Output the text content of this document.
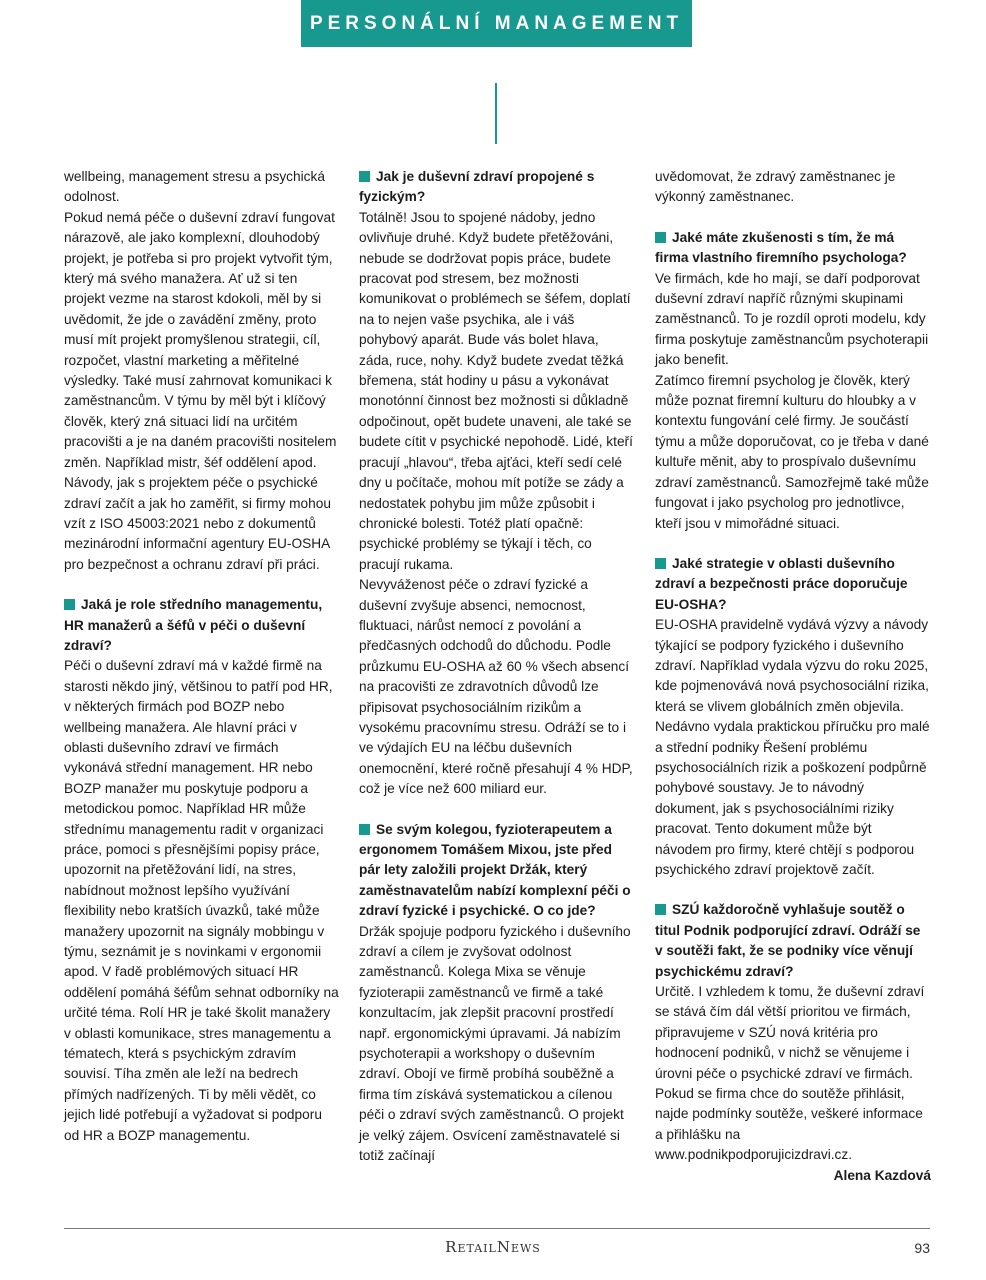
PERSONÁLNÍ MANAGEMENT

wellbeing, management stresu a psychická odolnost.

Pokud nemá péče o duševní zdraví fungovat nárazově, ale jako komplexní, dlouhodobý projekt, je potřeba si pro projekt vytvořit tým, který má svého manažera. Ať už si ten projekt vezme na starost kdokoli, měl by si uvědomit, že jde o zavádění změny, proto musí mít projekt promyšlenou strategii, cíl, rozpočet, vlastní marketing a měřitelné výsledky. Také musí zahrnovat komunikaci k zaměstnancům. V týmu by měl být i klíčový člověk, který zná situaci lidí na určitém pracovišti a je na daném pracovišti nositelem změn. Například mistr, šéf oddělení apod.

Návody, jak s projektem péče o psychické zdraví začít a jak ho zaměřit, si firmy mohou vzít z ISO 45003:2021 nebo z dokumentů mezinárodní informační agentury EU-OSHA pro bezpečnost a ochranu zdraví při práci.

Jaká je role středního managementu, HR manažerů a šéfů v péči o duševní zdraví?

Péči o duševní zdraví má v každé firmě na starosti někdo jiný, většinou to patří pod HR, v některých firmách pod BOZP nebo wellbeing manažera. Ale hlavní práci v oblasti duševního zdraví ve firmách vykonává střední management. HR nebo BOZP manažer mu poskytuje podporu a metodickou pomoc. Například HR může střednímu managementu radit v organizaci práce, pomoci s přesnějšími popisy práce, upozornit na přetěžování lidí, na stres, nabídnout možnost lepšího využívání flexibility nebo kratších úvazků, také může manažery upozornit na signály mobbingu v týmu, seznámit je s novinkami v ergonomii apod. V řadě problémových situací HR oddělení pomáhá šéfům sehnat odborníky na určité téma. Rolí HR je také školit manažery v oblasti komunikace, stres managementu a tématech, která s psychickým zdravím souvisí. Tíha změn ale leží na bedrech přímých nadřízených. Ti by měli vědět, co jejich lidé potřebují a vyžadovat si podporu od HR a BOZP managementu.

Jak je duševní zdraví propojené s fyzickým?

Totálně! Jsou to spojené nádoby, jedno ovlivňuje druhé. Když budete přetěžováni, nebude se dodržovat popis práce, budete pracovat pod stresem, bez možnosti komunikovat o problémech se šéfem, doplatí na to nejen vaše psychika, ale i váš pohybový aparát. Bude vás bolet hlava, záda, ruce, nohy. Když budete zvedat těžká břemena, stát hodiny u pásu a vykonávat monotónní činnost bez možnosti si důkladně odpočinout, opět budete unaveni, ale také se budete cítit v psychické nepohodě. Lidé, kteří pracují „hlavou“, třeba ajťáci, kteří sedí celé dny u počítače, mohou mít potíže se zády a nedostatek pohybu jim může způsobit i chronické bolesti. Totéž platí opačně: psychické problémy se týkají i těch, co pracují rukama.

Nevyváženost péče o zdraví fyzické a duševní zvyšuje absenci, nemocnost, fluktuaci, nárůst nemocí z povolání a předčasných odchodů do důchodu. Podle průzkumu EU-OSHA až 60 % všech absencí na pracovišti ze zdravotních důvodů lze připisovat psychosociálním rizikům a vysokému pracovnímu stresu. Odráží se to i ve výdajích EU na léčbu duševních onemocnění, které ročně přesahují 4 % HDP, což je více než 600 miliard eur.

Se svým kolegou, fyzioterapeutem a ergonomem Tomášem Mixou, jste před pár lety založili projekt Držák, který zaměstnavatelům nabízí komplexní péči o zdraví fyzické i psychické. O co jde?

Držák spojuje podporu fyzického i duševního zdraví a cílem je zvyšovat odolnost zaměstnanců. Kolega Mixa se věnuje fyzioterapii zaměstnanců ve firmě a také konzultacím, jak zlepšit pracovní prostředí např. ergonomickými úpravami. Já nabízím psychoterapii a workshopy o duševním zdraví. Obojí ve firmě probíhá souběžně a firma tím získává systematickou a cílenou péči o zdraví svých zaměstnanců. O projekt je velký zájem. Osvícení zaměstnavatelé si totiž začínají

uvědomovat, že zdravý zaměstnanec je výkonný zaměstnanec.

Jaké máte zkušenosti s tím, že má firma vlastního firemního psychologa?

Ve firmách, kde ho mají, se daří podporovat duševní zdraví napříč různými skupinami zaměstnanců. To je rozdíl oproti modelu, kdy firma poskytuje zaměstnancům psychoterapii jako benefit.

Zatímco firemní psycholog je člověk, který může poznat firemní kulturu do hloubky a v kontextu fungování celé firmy. Je součástí týmu a může doporučovat, co je třeba v dané kultuře měnit, aby to prospívalo duševnímu zdraví zaměstnanců. Samozřejmě také může fungovat i jako psycholog pro jednotlivce, kteří jsou v mimořádné situaci.

Jaké strategie v oblasti duševního zdraví a bezpečnosti práce doporučuje EU-OSHA?

EU-OSHA pravidelně vydává výzvy a návody týkající se podpory fyzického i duševního zdraví. Například vydala výzvu do roku 2025, kde pojmenovává nová psychosociální rizika, která se vlivem globálních změn objevila. Nedávno vydala praktickou příručku pro malé a střední podniky Řešení problému psychosociálních rizik a poškození podpůrně pohybové soustavy. Je to návodný dokument, jak s psychosociálními riziky pracovat. Tento dokument může být návodem pro firmy, které chtějí s podporou psychického zdraví projektově začít.

SZÚ každoročně vyhlašuje soutěž o titul Podnik podporující zdraví. Odráží se v soutěži fakt, že se podniky více věnují psychickému zdraví?

Určitě. I vzhledem k tomu, že duševní zdraví se stává čím dál větší prioritou ve firmách, připravujeme v SZÚ nová kritéria pro hodnocení podniků, v nichž se věnujeme i úrovni péče o psychické zdraví ve firmách. Pokud se firma chce do soutěže přihlásit, najde podmínky soutěže, veškeré informace a přihlášku na www.podnikpodporujicizdravi.cz.

Alena Kazdová

RetailNews	93
